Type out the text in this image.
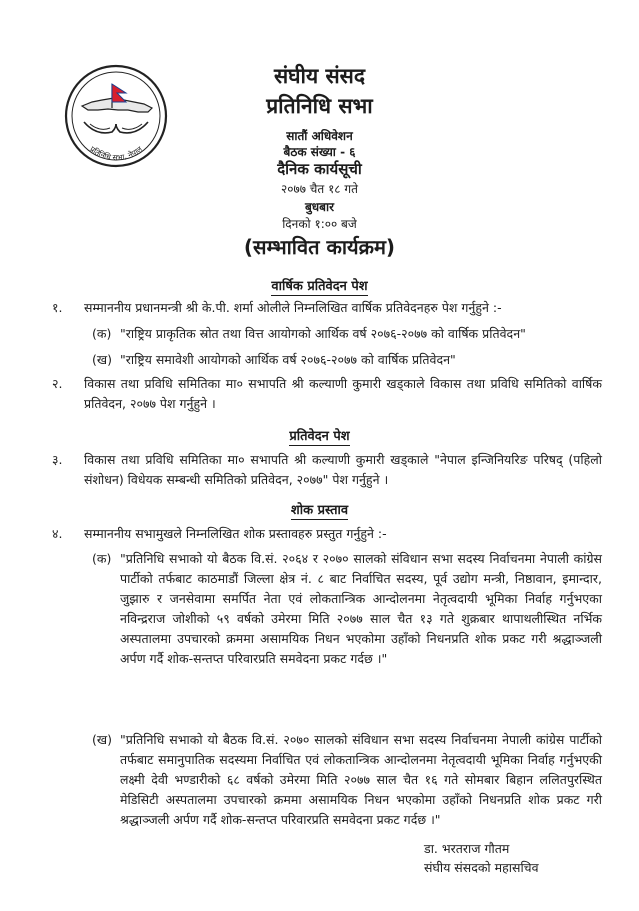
प्रतिनिधि सभा, नेपाल
संघीय संसद
प्रतिनिधि सभा
सातौं अधिवेशन
बैठक संख्या - ६
दैनिक कार्यसूची
२०७७ चैत १८ गते
बुधबार
दिनको १:०० बजे
(सम्भावित कार्यक्रम)
वार्षिक प्रतिवेदन पेश
१. सम्माननीय प्रधानमन्त्री श्री के.पी. शर्मा ओलीले निम्नलिखित वार्षिक प्रतिवेदनहरु पेश गर्नुहुने :-
(क) "राष्ट्रिय प्राकृतिक स्रोत तथा वित्त आयोगको आर्थिक वर्ष २०७६-२०७७ को वार्षिक प्रतिवेदन"
(ख) "राष्ट्रिय समावेशी आयोगको आर्थिक वर्ष २०७६-२०७७ को वार्षिक प्रतिवेदन"
२. विकास तथा प्रविधि समितिका मा० सभापति श्री कल्याणी कुमारी खड्काले विकास तथा प्रविधि समितिको वार्षिक प्रतिवेदन, २०७७ पेश गर्नुहुने ।
प्रतिवेदन पेश
३. विकास तथा प्रविधि समितिका मा० सभापति श्री कल्याणी कुमारी खड्काले "नेपाल इन्जिनियरिङ परिषद् (पहिलो संशोधन) विधेयक सम्बन्धी समितिको प्रतिवेदन, २०७७" पेश गर्नुहुने ।
शोक प्रस्ताव
४. सम्माननीय सभामुखले निम्नलिखित शोक प्रस्तावहरु प्रस्तुत गर्नुहुने :-
(क) "प्रतिनिधि सभाको यो बैठक वि.सं. २०६४ र २०७० सालको संविधान सभा सदस्य निर्वाचनमा नेपाली कांग्रेस पार्टीको तर्फबाट काठमाडौं जिल्ला क्षेत्र नं. ८ बाट निर्वाचित सदस्य, पूर्व उद्योग मन्त्री, निष्ठावान, इमान्दार, जुझारु र जनसेवामा समर्पित नेता एवं लोकतान्त्रिक आन्दोलनमा नेतृत्वदायी भूमिका निर्वाह गर्नुभएका नविन्द्रराज जोशीको ५९ वर्षको उमेरमा मिति २०७७ साल चैत १३ गते शुक्रबार थापाथलीस्थित नर्भिक अस्पतालमा उपचारको क्रममा असामयिक निधन भएकोमा उहाँको निधनप्रति शोक प्रकट गरी श्रद्धाञ्जली अर्पण गर्दै शोक-सन्तप्त परिवारप्रति समवेदना प्रकट गर्दछ ।"
(ख) "प्रतिनिधि सभाको यो बैठक वि.सं. २०७० सालको संविधान सभा सदस्य निर्वाचनमा नेपाली कांग्रेस पार्टीको तर्फबाट समानुपातिक सदस्यमा निर्वाचित एवं लोकतान्त्रिक आन्दोलनमा नेतृत्वदायी भूमिका निर्वाह गर्नुभएकी लक्ष्मी देवी भण्डारीको ६८ वर्षको उमेरमा मिति २०७७ साल चैत १६ गते सोमबार बिहान ललितपुरस्थित मेडिसिटी अस्पतालमा उपचारको क्रममा असामयिक निधन भएकोमा उहाँको निधनप्रति शोक प्रकट गरी श्रद्धाञ्जली अर्पण गर्दै शोक-सन्तप्त परिवारप्रति समवेदना प्रकट गर्दछ ।"
डा. भरतराज गौतम
संघीय संसदको महासचिव
